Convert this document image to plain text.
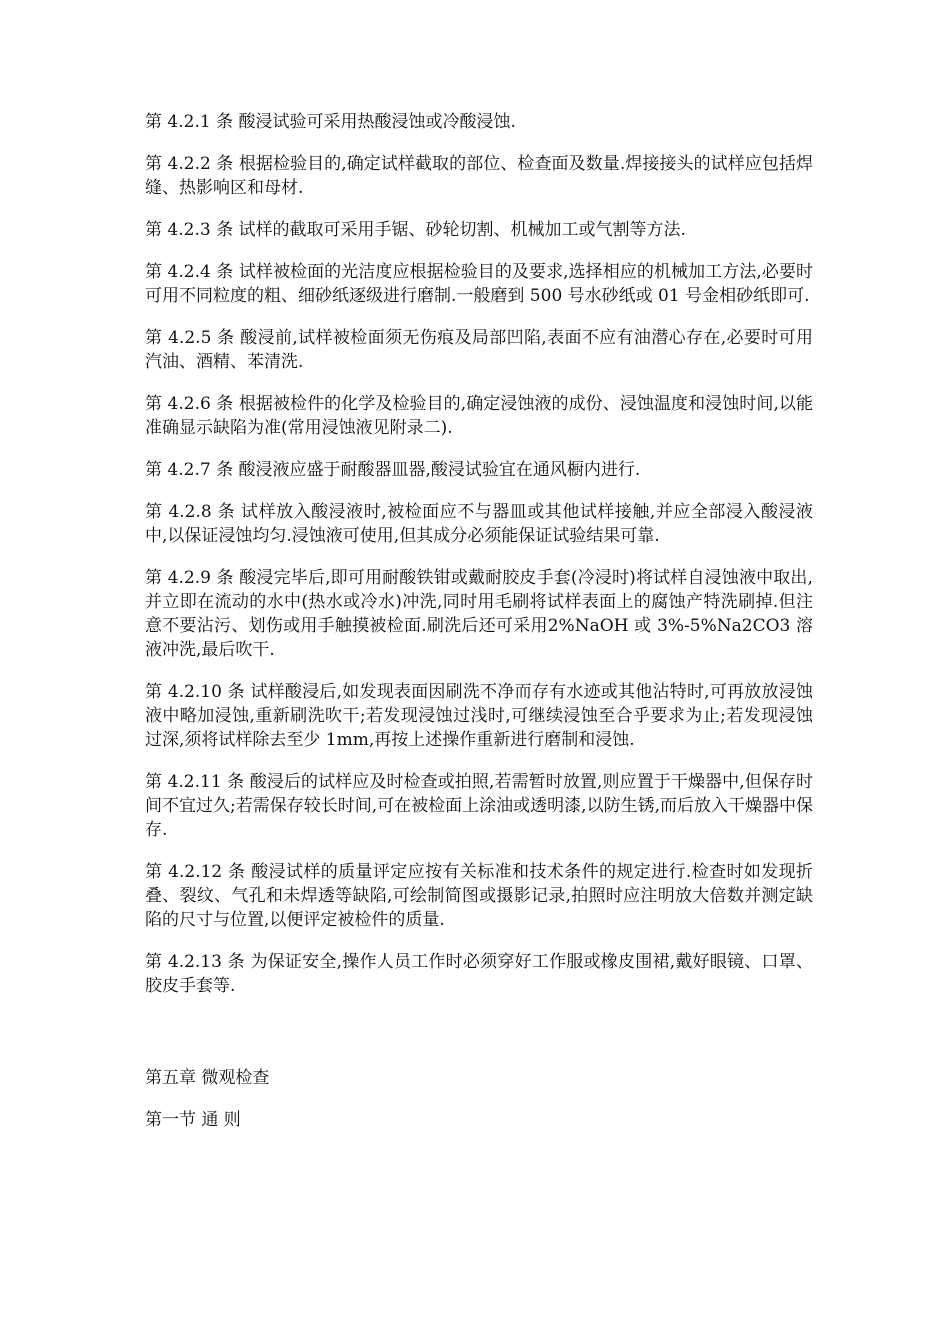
第 4.2.1 条 酸浸试验可采用热酸浸蚀或冷酸浸蚀.

第 4.2.2 条 根据检验目的,确定试样截取的部位、检查面及数量.焊接接头的试样应包括焊缝、热影响区和母材.

第 4.2.3 条 试样的截取可采用手锯、砂轮切割、机械加工或气割等方法.

第 4.2.4 条 试样被检面的光洁度应根据检验目的及要求,选择相应的机械加工方法,必要时可用不同粒度的粗、细砂纸逐级进行磨制.一般磨到 500 号水砂纸或 01 号金相砂纸即可.

第 4.2.5 条 酸浸前,试样被检面须无伤痕及局部凹陷,表面不应有油潜心存在,必要时可用汽油、酒精、苯清洗.

第 4.2.6 条 根据被检件的化学及检验目的,确定浸蚀液的成份、浸蚀温度和浸蚀时间,以能准确显示缺陷为准(常用浸蚀液见附录二).

第 4.2.7 条 酸浸液应盛于耐酸器皿器,酸浸试验宜在通风橱内进行.

第 4.2.8 条 试样放入酸浸液时,被检面应不与器皿或其他试样接触,并应全部浸入酸浸液中,以保证浸蚀均匀.浸蚀液可使用,但其成分必须能保证试验结果可靠.

第 4.2.9 条 酸浸完毕后,即可用耐酸铁钳或戴耐胶皮手套(冷浸时)将试样自浸蚀液中取出,并立即在流动的水中(热水或冷水)冲洗,同时用毛刷将试样表面上的腐蚀产特洗刷掉.但注意不要沾污、划伤或用手触摸被检面.刷洗后还可采用2%NaOH 或 3%-5%Na2CO3 溶液冲洗,最后吹干.

第 4.2.10 条 试样酸浸后,如发现表面因刷洗不净而存有水迹或其他沾特时,可再放放浸蚀液中略加浸蚀,重新刷洗吹干;若发现浸蚀过浅时,可继续浸蚀至合乎要求为止;若发现浸蚀过深,须将试样除去至少 1mm,再按上述操作重新进行磨制和浸蚀.

第 4.2.11 条 酸浸后的试样应及时检查或拍照,若需暂时放置,则应置于干燥器中,但保存时间不宜过久;若需保存较长时间,可在被检面上涂油或透明漆,以防生锈,而后放入干燥器中保存.

第 4.2.12 条 酸浸试样的质量评定应按有关标准和技术条件的规定进行.检查时如发现折叠、裂纹、气孔和未焊透等缺陷,可绘制简图或摄影记录,拍照时应注明放大倍数并测定缺陷的尺寸与位置,以便评定被检件的质量.

第 4.2.13 条 为保证安全,操作人员工作时必须穿好工作服或橡皮围裙,戴好眼镜、口罩、胶皮手套等.

第五章 微观检查

第一节 通 则
